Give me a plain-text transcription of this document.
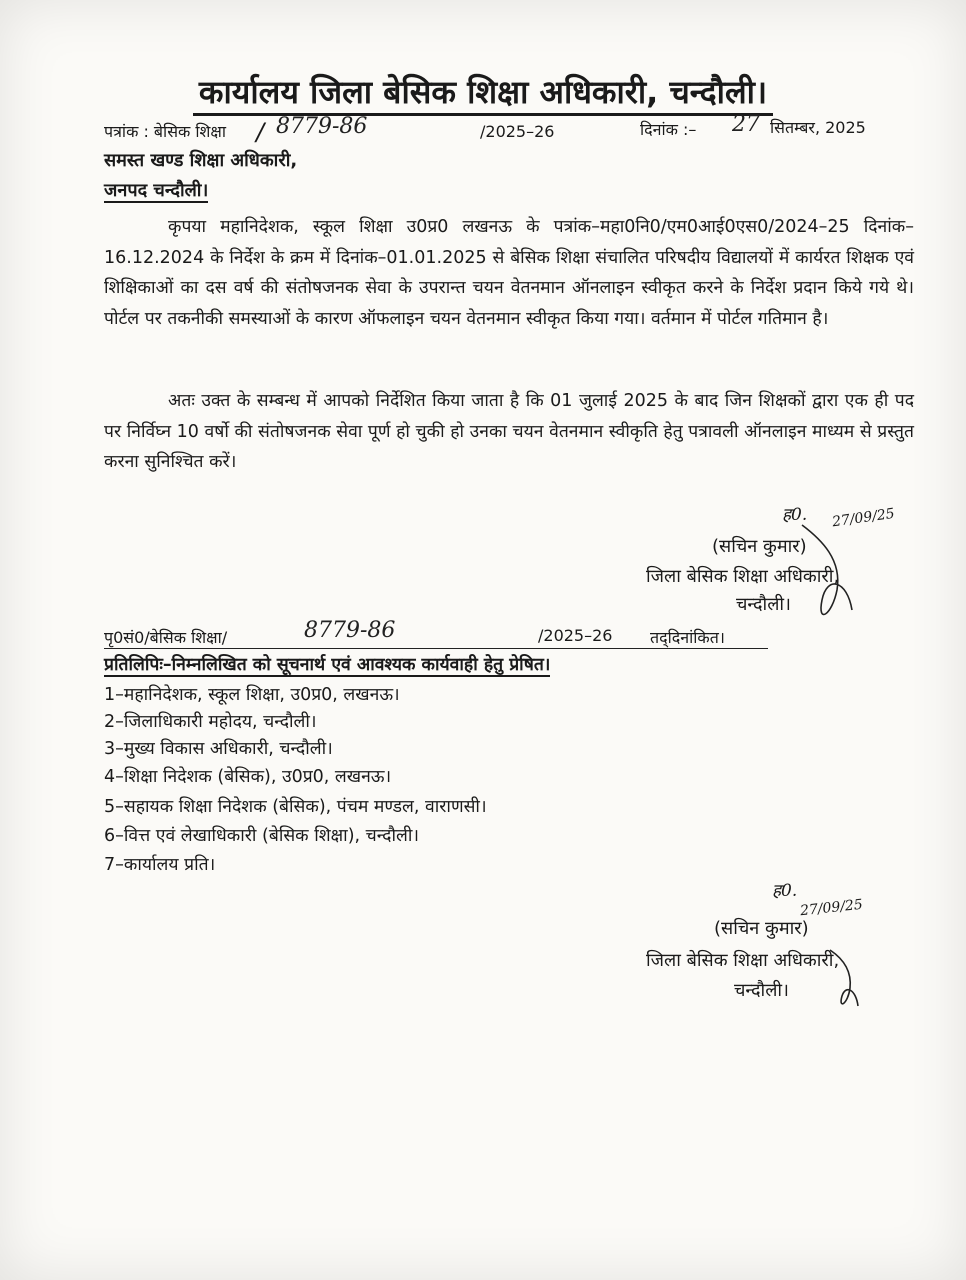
कार्यालय जिला बेसिक शिक्षा अधिकारी, चन्दौली।
पत्रांक : बेसिक शिक्षा / 8779-86	/2025–26	दिनांक :– 27 सितम्बर, 2025
समस्त खण्ड शिक्षा अधिकारी,
जनपद चन्दौली।
कृपया महानिदेशक, स्कूल शिक्षा उ0प्र0 लखनऊ के पत्रांक–महा0नि0/एम0आई0एस0/2024–25 दिनांक–16.12.2024 के निर्देश के क्रम में दिनांक–01.01.2025 से बेसिक शिक्षा संचालित परिषदीय विद्यालयों में कार्यरत शिक्षक एवं शिक्षिकाओं का दस वर्ष की संतोषजनक सेवा के उपरान्त चयन वेतनमान ऑनलाइन स्वीकृत करने के निर्देश प्रदान किये गये थे। पोर्टल पर तकनीकी समस्याओं के कारण ऑफलाइन चयन वेतनमान स्वीकृत किया गया। वर्तमान में पोर्टल गतिमान है।
अतः उक्त के सम्बन्ध में आपको निर्देशित किया जाता है कि 01 जुलाई 2025 के बाद जिन शिक्षकों द्वारा एक ही पद पर निर्विघ्न 10 वर्षो की संतोषजनक सेवा पूर्ण हो चुकी हो उनका चयन वेतनमान स्वीकृति हेतु पत्रावली ऑनलाइन माध्यम से प्रस्तुत करना सुनिश्चित करें।
ह0. 27/09/25
(सचिन कुमार)
जिला बेसिक शिक्षा अधिकारी,
चन्दौली।
पृ0सं0/बेसिक शिक्षा/	8779-86	/2025–26 तद्‌दिनांकित।
प्रतिलिपिः–निम्नलिखित को सूचनार्थ एवं आवश्यक कार्यवाही हेतु प्रेषित।
1–महानिदेशक, स्कूल शिक्षा, उ0प्र0, लखनऊ।
2–जिलाधिकारी महोदय, चन्दौली।
3–मुख्य विकास अधिकारी, चन्दौली।
4–शिक्षा निदेशक (बेसिक), उ0प्र0, लखनऊ।
5–सहायक शिक्षा निदेशक (बेसिक), पंचम मण्डल, वाराणसी।
6–वित्त एवं लेखाधिकारी (बेसिक शिक्षा), चन्दौली।
7–कार्यालय प्रति।
ह0.
27/09/25
(सचिन कुमार)
जिला बेसिक शिक्षा अधिकारी,
चन्दौली।
